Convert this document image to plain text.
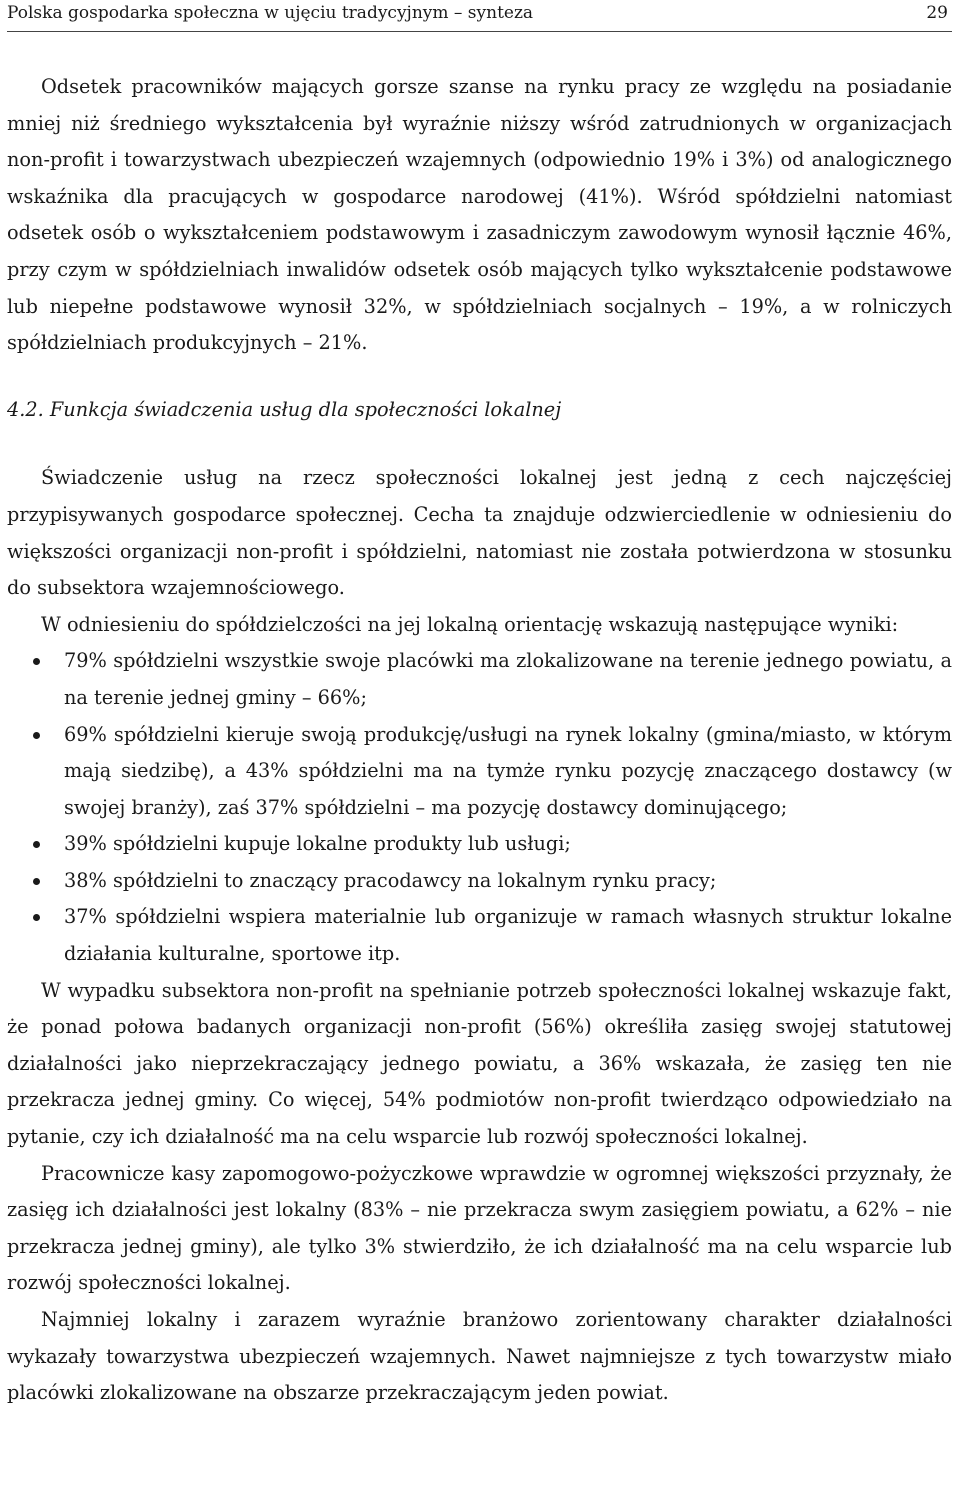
Polska gospodarka społeczna w ujęciu tradycyjnym – synteza	29

Odsetek pracowników mających gorsze szanse na rynku pracy ze względu na posiadanie mniej niż średniego wykształcenia był wyraźnie niższy wśród zatrudnionych w organizacjach non-profit i towarzystwach ubezpieczeń wzajemnych (odpowiednio 19% i 3%) od analogicznego wskaźnika dla pracujących w gospodarce narodowej (41%). Wśród spółdzielni natomiast odsetek osób o wykształceniem podstawowym i zasadniczym zawodowym wynosił łącznie 46%, przy czym w spółdzielniach inwalidów odsetek osób mających tylko wykształcenie podstawowe lub niepełne podstawowe wynosił 32%, w spółdzielniach socjalnych – 19%, a w rolniczych spółdzielniach produkcyjnych – 21%.

4.2. Funkcja świadczenia usług dla społeczności lokalnej

Świadczenie usług na rzecz społeczności lokalnej jest jedną z cech najczęściej przypisywanych gospodarce społecznej. Cecha ta znajduje odzwierciedlenie w odniesieniu do większości organizacji non-profit i spółdzielni, natomiast nie została potwierdzona w stosunku do subsektora wzajemnościowego.

W odniesieniu do spółdzielczości na jej lokalną orientację wskazują następujące wyniki:

79% spółdzielni wszystkie swoje placówki ma zlokalizowane na terenie jednego powiatu, a na terenie jednej gminy – 66%;
69% spółdzielni kieruje swoją produkcję/usługi na rynek lokalny (gmina/miasto, w którym mają siedzibę), a 43% spółdzielni ma na tymże rynku pozycję znaczącego dostawcy (w swojej branży), zaś 37% spółdzielni – ma pozycję dostawcy dominującego;
39% spółdzielni kupuje lokalne produkty lub usługi;
38% spółdzielni to znaczący pracodawcy na lokalnym rynku pracy;
37% spółdzielni wspiera materialnie lub organizuje w ramach własnych struktur lokalne działania kulturalne, sportowe itp.

W wypadku subsektora non-profit na spełnianie potrzeb społeczności lokalnej wskazuje fakt, że ponad połowa badanych organizacji non-profit (56%) określiła zasięg swojej statutowej działalności jako nieprzekraczający jednego powiatu, a 36% wskazała, że zasięg ten nie przekracza jednej gminy. Co więcej, 54% podmiotów non-profit twierdząco odpowiedziało na pytanie, czy ich działalność ma na celu wsparcie lub rozwój społeczności lokalnej.

Pracownicze kasy zapomogowo-pożyczkowe wprawdzie w ogromnej większości przyznały, że zasięg ich działalności jest lokalny (83% – nie przekracza swym zasięgiem powiatu, a 62% – nie przekracza jednej gminy), ale tylko 3% stwierdziło, że ich działalność ma na celu wsparcie lub rozwój społeczności lokalnej.

Najmniej lokalny i zarazem wyraźnie branżowo zorientowany charakter działalności wykazały towarzystwa ubezpieczeń wzajemnych. Nawet najmniejsze z tych towarzystw miało placówki zlokalizowane na obszarze przekraczającym jeden powiat.
